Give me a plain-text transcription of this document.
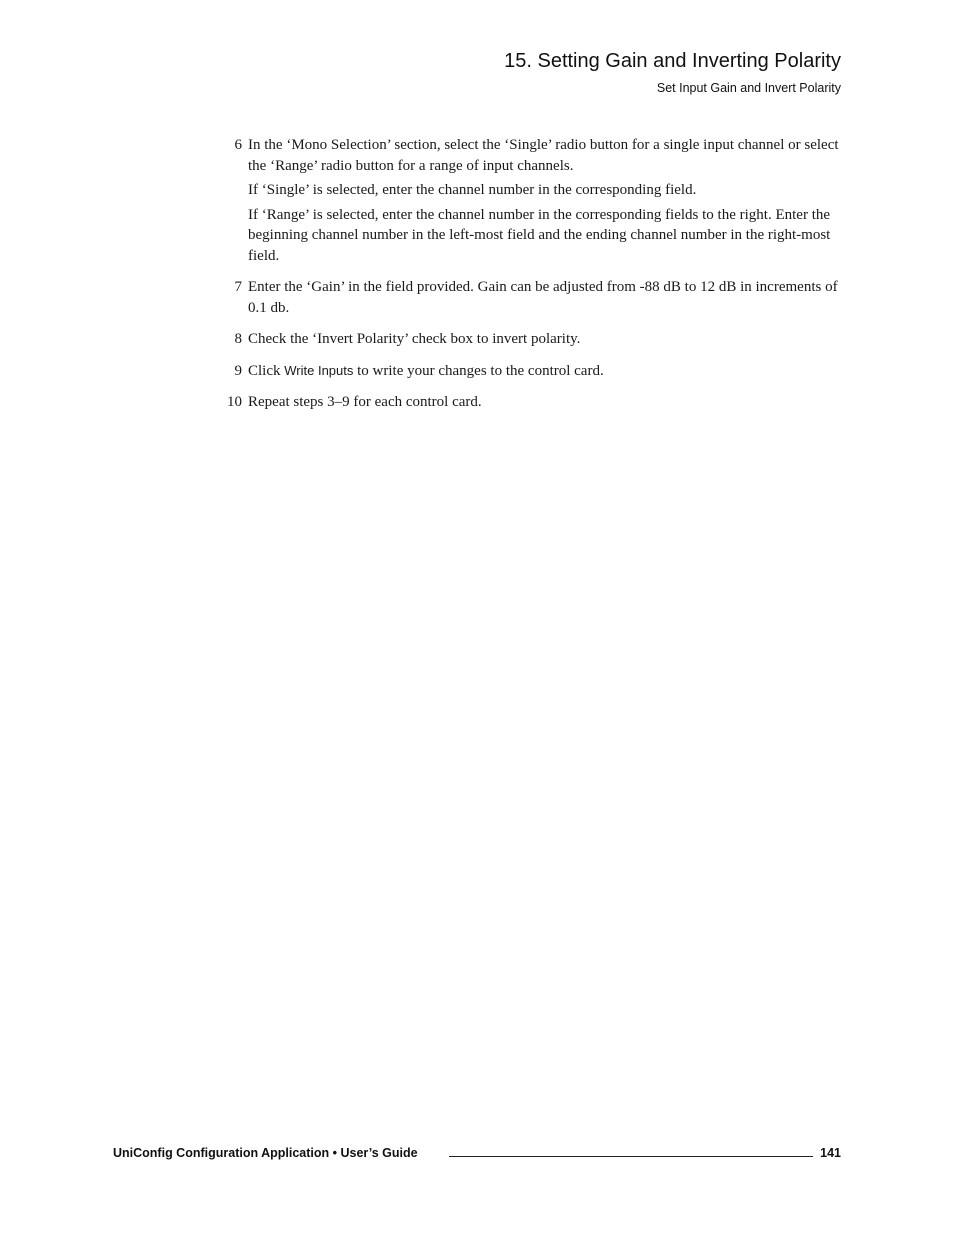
15. Setting Gain and Inverting Polarity
Set Input Gain and Invert Polarity
6 In the ‘Mono Selection’ section, select the ‘Single’ radio button for a single input channel or select the ‘Range’ radio button for a range of input channels.

If ‘Single’ is selected, enter the channel number in the corresponding field.

If ‘Range’ is selected, enter the channel number in the corresponding fields to the right. Enter the beginning channel number in the left-most field and the ending channel number in the right-most field.

7 Enter the ‘Gain’ in the field provided. Gain can be adjusted from -88 dB to 12 dB in increments of 0.1 db.

8 Check the ‘Invert Polarity’ check box to invert polarity.

9 Click Write Inputs to write your changes to the control card.

10 Repeat steps 3–9 for each control card.

UniConfig Configuration Application • User’s Guide	141
